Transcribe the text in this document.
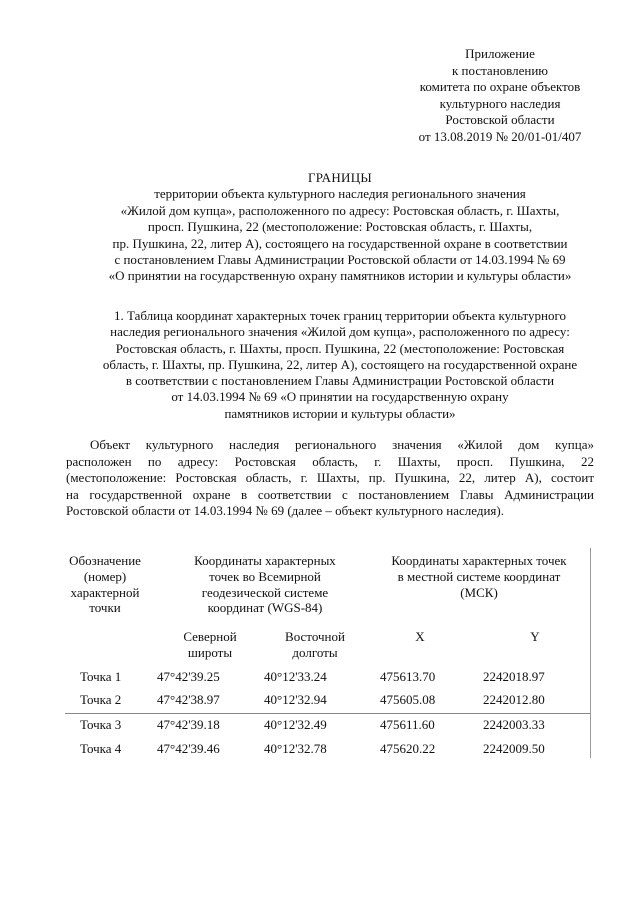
Приложение
к постановлению
комитета по охране объектов
культурного наследия
Ростовской области
от 13.08.2019 № 20/01-01/407
ГРАНИЦЫ
территории объекта культурного наследия регионального значения
«Жилой дом купца», расположенного по адресу: Ростовская область, г. Шахты,
просп. Пушкина, 22 (местоположение: Ростовская область, г. Шахты,
пр. Пушкина, 22, литер А), состоящего на государственной охране в соответствии
с постановлением Главы Администрации Ростовской области от 14.03.1994 № 69
«О принятии на государственную охрану памятников истории и культуры области»
1. Таблица координат характерных точек границ территории объекта культурного
наследия регионального значения «Жилой дом купца», расположенного по адресу:
Ростовская область, г. Шахты, просп. Пушкина, 22 (местоположение: Ростовская
область, г. Шахты, пр. Пушкина, 22, литер А), состоящего на государственной охране
в соответствии с постановлением Главы Администрации Ростовской области
от 14.03.1994 № 69 «О принятии на государственную охрану
памятников истории и культуры области»
Объект культурного наследия регионального значения «Жилой дом купца»
расположен по адресу: Ростовская область, г. Шахты, просп. Пушкина, 22
(местоположение: Ростовская область, г. Шахты, пр. Пушкина, 22, литер А), состоит
на государственной охране в соответствии с постановлением Главы Администрации
Ростовской области от 14.03.1994 № 69 (далее – объект культурного наследия).
Обозначение
(номер)
характерной
точки
Координаты характерных
точек во Всемирной
геодезической системе
координат (WGS-84)
Координаты характерных точек
в местной системе координат
(МСК)
Северной
широты
Восточной
долготы
X	Y
Точка 1	47°42'39.25	40°12'33.24	475613.70	2242018.97
Точка 2	47°42'38.97	40°12'32.94	475605.08	2242012.80
Точка 3	47°42'39.18	40°12'32.49	475611.60	2242003.33
Точка 4	47°42'39.46	40°12'32.78	475620.22	2242009.50
